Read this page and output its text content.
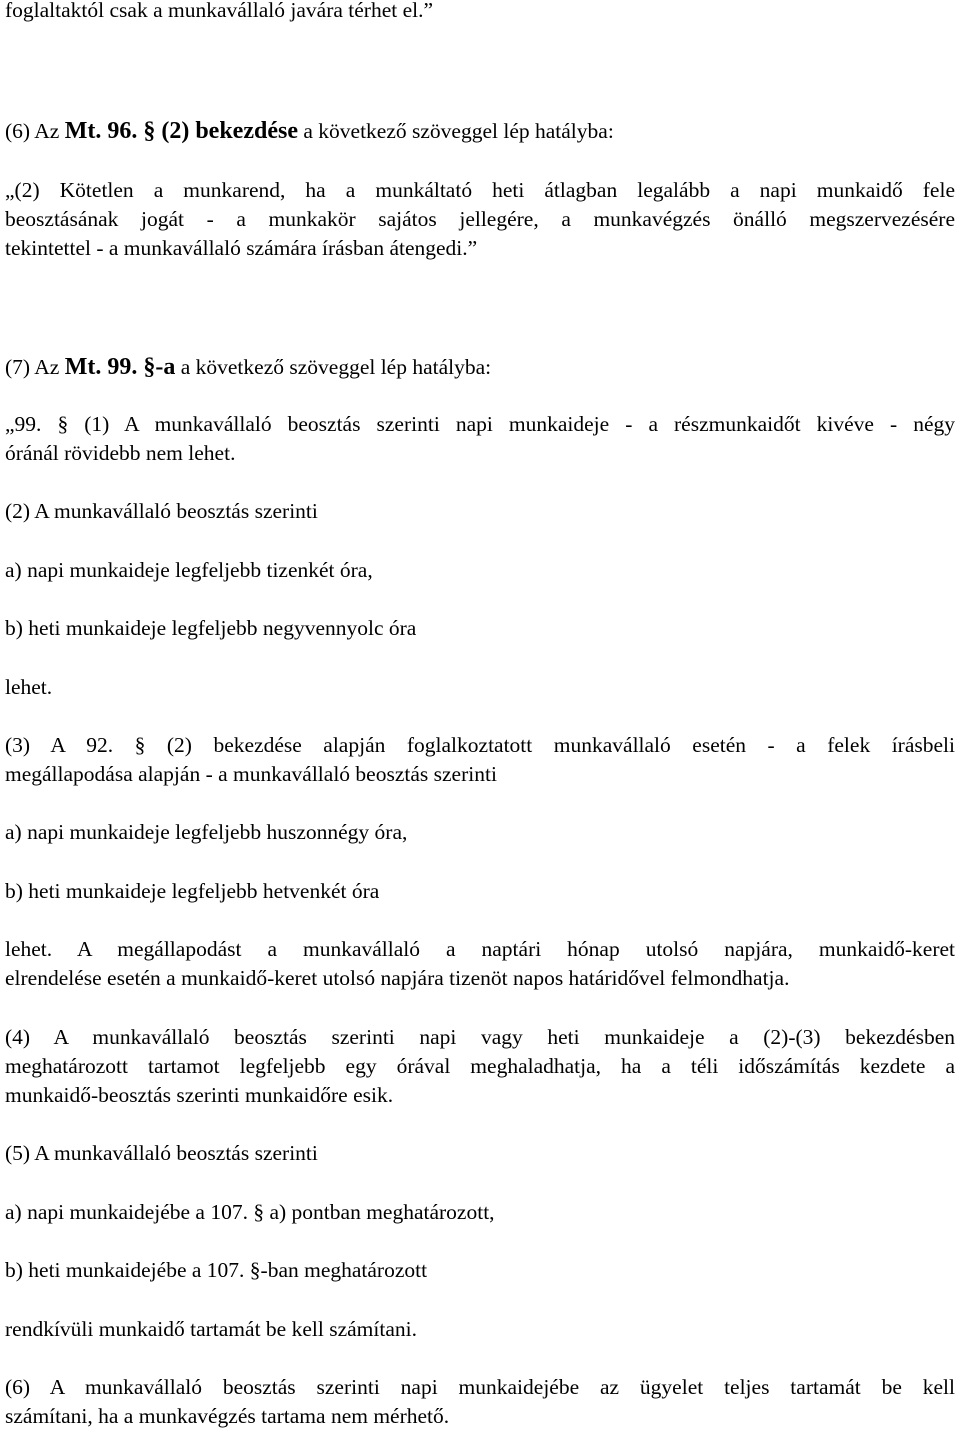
foglaltaktól csak a munkavállaló javára térhet el.”
(6) Az Mt. 96. § (2) bekezdése a következő szöveggel lép hatályba:
„(2) Kötetlen a munkarend, ha a munkáltató heti átlagban legalább a napi munkaidő fele
beosztásának jogát - a munkakör sajátos jellegére, a munkavégzés önálló megszervezésére
tekintettel - a munkavállaló számára írásban átengedi.”
(7) Az Mt. 99. §-a a következő szöveggel lép hatályba:
„99. § (1) A munkavállaló beosztás szerinti napi munkaideje - a részmunkaidőt kivéve - négy
óránál rövidebb nem lehet.
(2) A munkavállaló beosztás szerinti
a) napi munkaideje legfeljebb tizenkét óra,
b) heti munkaideje legfeljebb negyvennyolc óra
lehet.
(3) A 92. § (2) bekezdése alapján foglalkoztatott munkavállaló esetén - a felek írásbeli
megállapodása alapján - a munkavállaló beosztás szerinti
a) napi munkaideje legfeljebb huszonnégy óra,
b) heti munkaideje legfeljebb hetvenkét óra
lehet. A megállapodást a munkavállaló a naptári hónap utolsó napjára, munkaidő-keret
elrendelése esetén a munkaidő-keret utolsó napjára tizenöt napos határidővel felmondhatja.
(4) A munkavállaló beosztás szerinti napi vagy heti munkaideje a (2)-(3) bekezdésben
meghatározott tartamot legfeljebb egy órával meghaladhatja, ha a téli időszámítás kezdete a
munkaidő-beosztás szerinti munkaidőre esik.
(5) A munkavállaló beosztás szerinti
a) napi munkaidejébe a 107. § a) pontban meghatározott,
b) heti munkaidejébe a 107. §-ban meghatározott
rendkívüli munkaidő tartamát be kell számítani.
(6) A munkavállaló beosztás szerinti napi munkaidejébe az ügyelet teljes tartamát be kell
számítani, ha a munkavégzés tartama nem mérhető.
